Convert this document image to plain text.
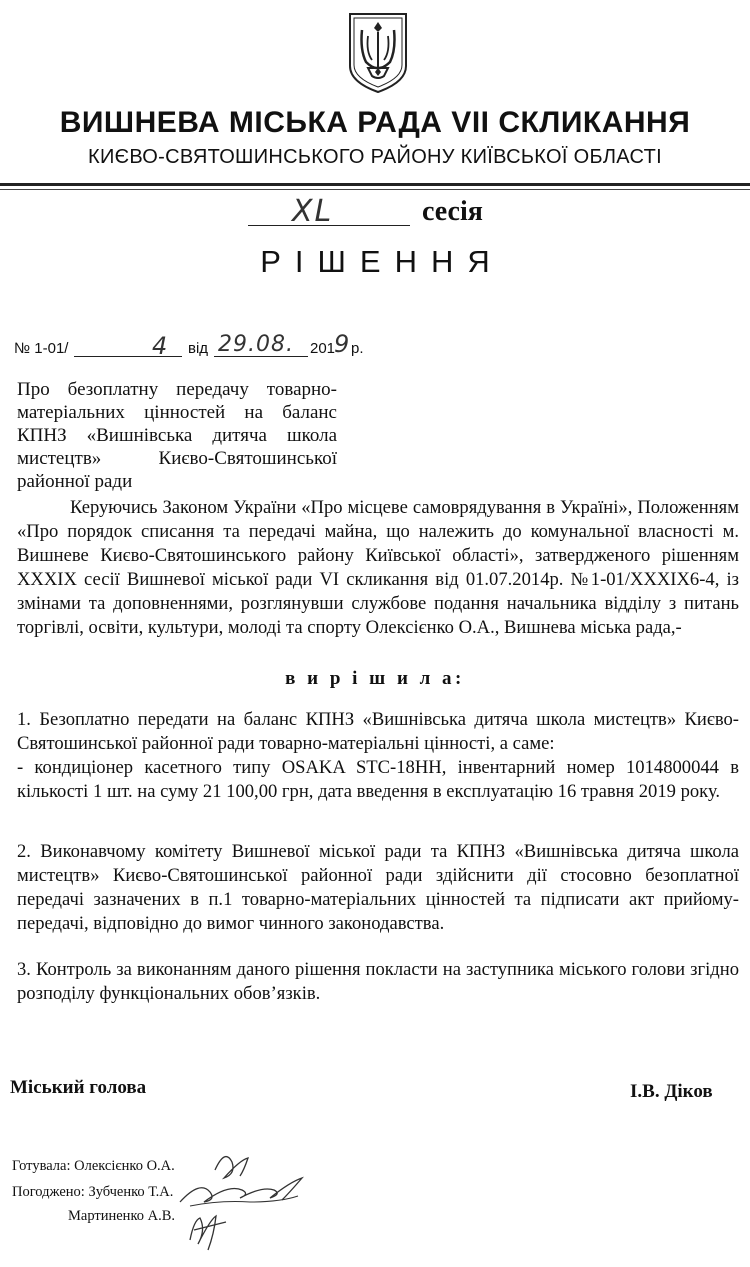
ВИШНЕВА МІСЬКА РАДА VII СКЛИКАННЯ
КИЄВО-СВЯТОШИНСЬКОГО РАЙОНУ КИЇВСЬКОЇ ОБЛАСТІ
XL	сесія
РІШЕННЯ
№ 1-01/	4 від 29.08. 201
9 р.
Про безоплатну передачу товарно-матеріальних цінностей на баланс КПНЗ «Вишнівська дитяча школа мистецтв» Києво-Святошинської районної ради
Керуючись Законом України «Про місцеве самоврядування в Україні», Положенням «Про порядок списання та передачі майна, що належить до комунальної власності м. Вишневе Києво-Святошинського району Київської області», затвердженого рішенням XXXIX сесії Вишневої міської ради VI скликання від 01.07.2014р. №1-01/XXXIX6-4, із змінами та доповненнями, розглянувши службове подання начальника відділу з питань торгівлі, освіти, культури, молоді та спорту Олексієнко О.А., Вишнева міська рада,-
в и р і ш и л а:

1. Безоплатно передати на баланс КПНЗ «Вишнівська дитяча школа мистецтв» Києво-Святошинської районної ради товарно-матеріальні цінності, а саме:

- кондиціонер касетного типу OSAKA STC-18HH, інвентарний номер 1014800044 в кількості 1 шт. на суму 21 100,00 грн, дата введення в експлуатацію 16 травня 2019 року.

2. Виконавчому комітету Вишневої міської ради та КПНЗ «Вишнівська дитяча школа мистецтв» Києво-Святошинської районної ради здійснити дії стосовно безоплатної передачі зазначених в п.1 товарно-матеріальних цінностей та підписати акт прийому-передачі, відповідно до вимог чинного законодавства.
3. Контроль за виконанням даного рішення покласти на заступника міського голови згідно розподілу функціональних обов’язків.
Міський голова	І.В. Діков
Готувала: Олексієнко О.А.
Погоджено: Зубченко Т.А.
Мартиненко А.В.
